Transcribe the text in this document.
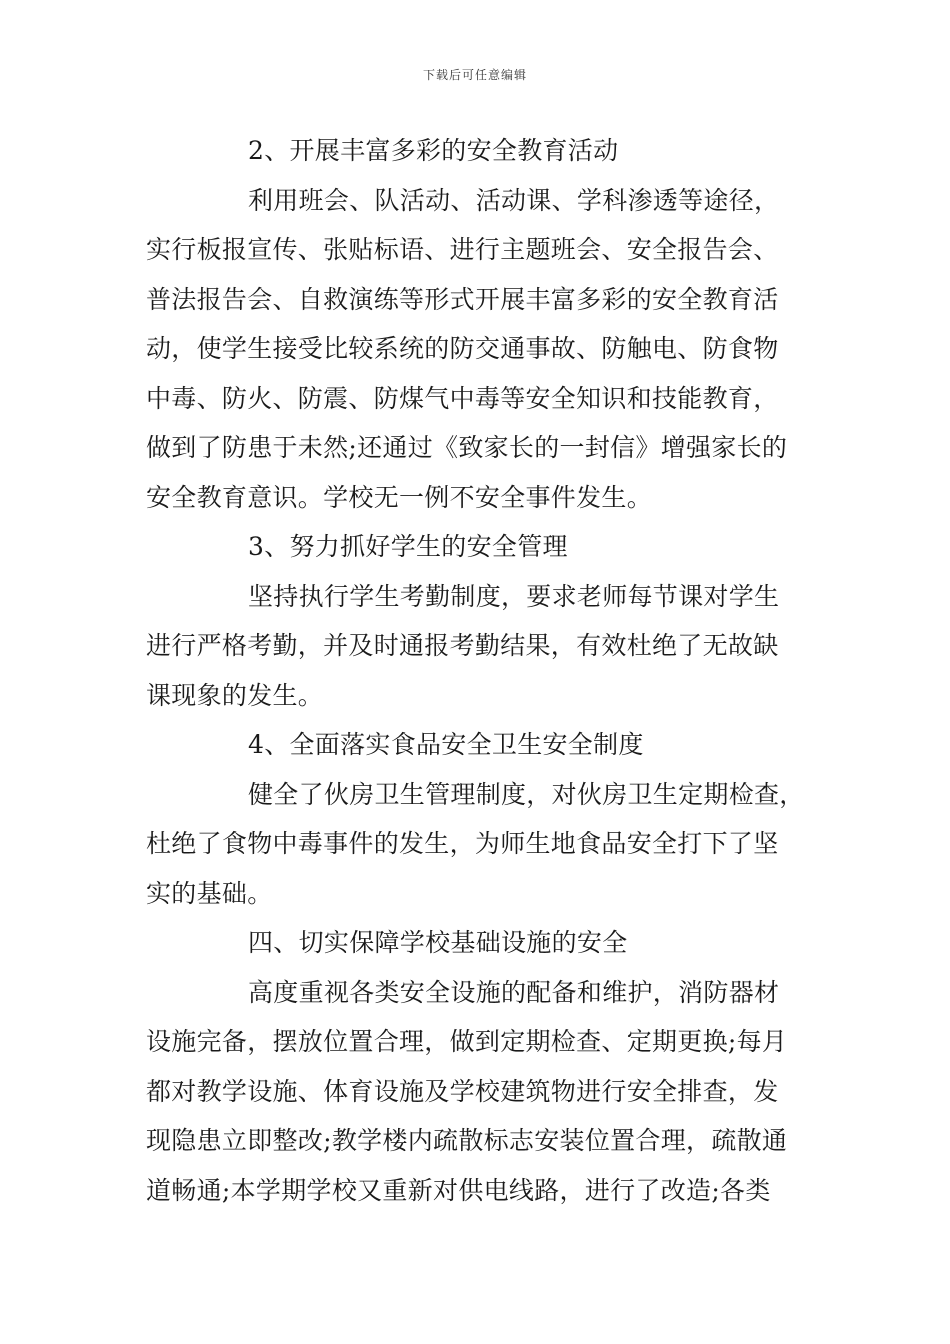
下载后可任意编辑
2、开展丰富多彩的安全教育活动
利用班会、队活动、活动课、学科渗透等途径，
实行板报宣传、张贴标语、进行主题班会、安全报告会、
普法报告会、自救演练等形式开展丰富多彩的安全教育活
动，使学生接受比较系统的防交通事故、防触电、防食物
中毒、防火、防震、防煤气中毒等安全知识和技能教育，
做到了防患于未然;还通过《致家长的一封信》增强家长的
安全教育意识。学校无一例不安全事件发生。
3、努力抓好学生的安全管理
坚持执行学生考勤制度，要求老师每节课对学生
进行严格考勤，并及时通报考勤结果，有效杜绝了无故缺
课现象的发生。
4、全面落实食品安全卫生安全制度
健全了伙房卫生管理制度，对伙房卫生定期检查，
杜绝了食物中毒事件的发生，为师生地食品安全打下了坚
实的基础。
四、切实保障学校基础设施的安全
高度重视各类安全设施的配备和维护，消防器材
设施完备，摆放位置合理，做到定期检查、定期更换;每月
都对教学设施、体育设施及学校建筑物进行安全排查，发
现隐患立即整改;教学楼内疏散标志安装位置合理，疏散通
道畅通;本学期学校又重新对供电线路，进行了改造;各类
